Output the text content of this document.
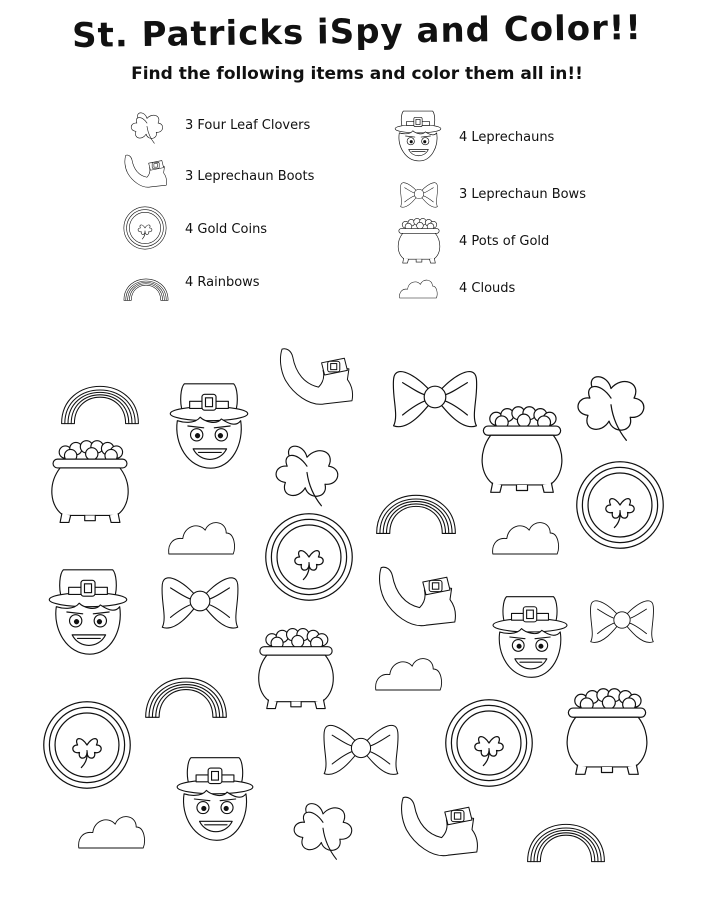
St. Patricks iSpy and Color!!
Find the following items and color them all in!!
3 Four Leaf Clovers
3 Leprechaun Boots
4 Gold Coins
4 Rainbows
4 Leprechauns
3 Leprechaun Bows
4 Pots of Gold
4 Clouds
